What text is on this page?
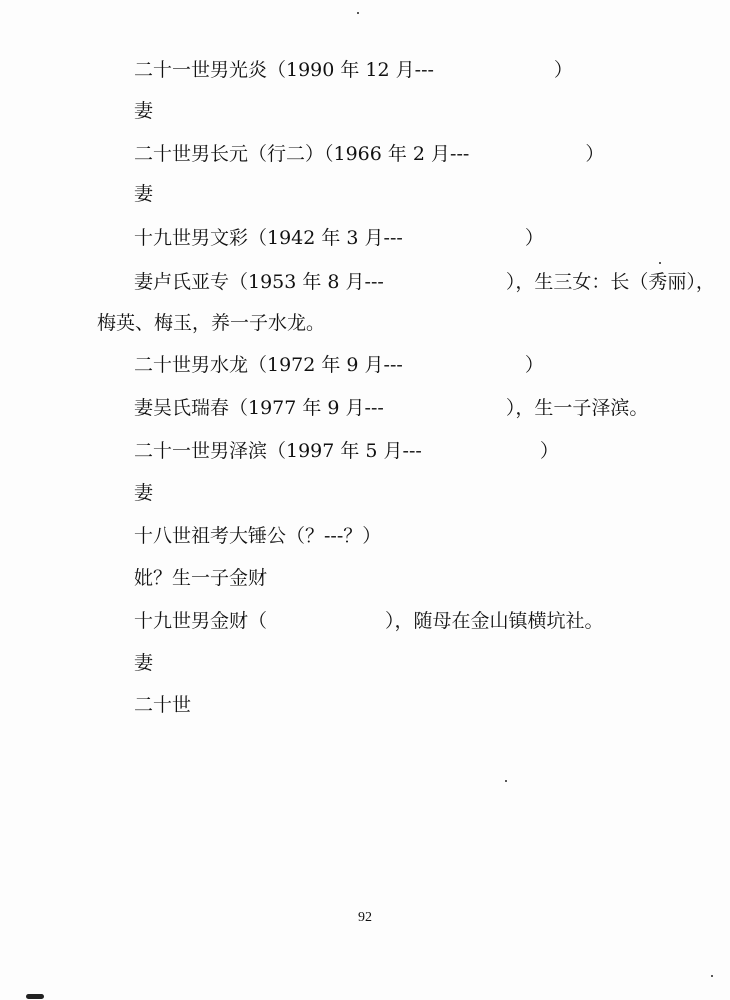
二十一世男光炎（1990 年 12 月---	）
妻
二十世男长元（行二）（1966 年 2 月---	）
妻
十九世男文彩（1942 年 3 月---	）
妻卢氏亚专（1953 年 8 月---	），生三女：长（秀丽），
梅英、梅玉，养一子水龙。
二十世男水龙（1972 年 9 月---	）
妻吴氏瑞春（1977 年 9 月---	），生一子泽滨。
二十一世男泽滨（1997 年 5 月---	）
妻
十八世祖考大锤公（？---？）
妣？生一子金财
十九世男金财（	），随母在金山镇横坑社。
妻
二十世
92
